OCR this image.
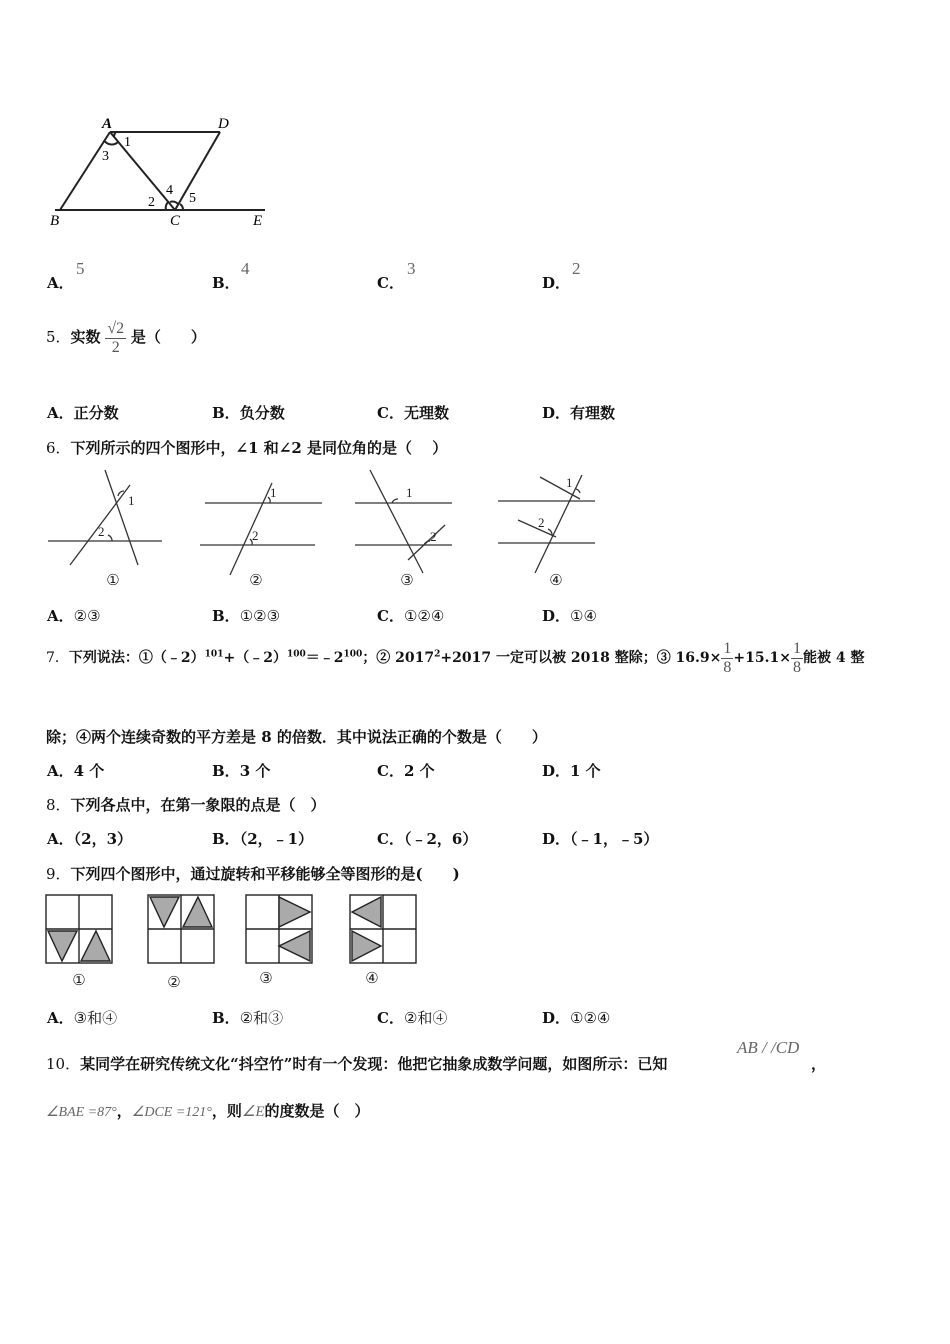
A	D
B	C	E
1
2
3
4
5
A．
5
B．
4
C．
3
D．
2
5．实数 $\frac{√2}{2}$ 是（　　）
A．正分数	B．负分数	C．无理数	D．有理数
6．下列所示的四个图形中，∠1 和∠2 是同位角的是（　 ）
1
2
1
2
1
2
1
2
①	②	③	④
A．②③	B．①②③	C．①②④	D．①④
7．下列说法：$①(﹣2)^{101}+(﹣2)^{100}=﹣2^{100}$；② $2017^2+2017$ 一定可以被 2018 整除；③ $16.9\times \frac{1}{8} +15.1\times \frac{1}{8}$ 能被 4 整
除；④两个连续奇数的平方差是 8 的倍数．其中说法正确的个数是（　　）
A．4 个	B．3 个	C．2 个	D．1 个
8．下列各点中，在第一象限的点是（　）
A．（2，3）	B．（2，﹣1）	C．（﹣2，6）	D．（﹣1，﹣5）
9．下列四个图形中，通过旋转和平移能够全等图形的是(　　)
①	②	③	④
A．③和④	B．②和③	C．②和④	D．①②④
10．某同学在研究传统文化“抖空竹”时有一个发现：他把它抽象成数学问题，如图所示：已知
AB / /CD
，
∠BAE =87°，∠DCE =121°，则∠E的度数是（　）
